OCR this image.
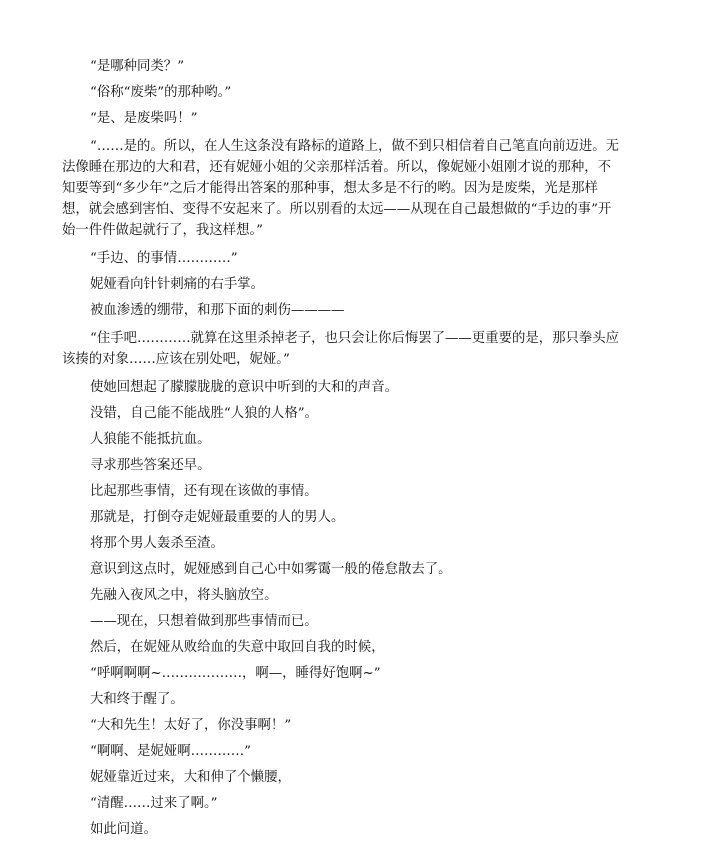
“是哪种同类？”

“俗称“废柴”的那种哟。”

“是、是废柴吗！”

“……是的。所以，在人生这条没有路标的道路上，做不到只相信着自己笔直向前迈进。无法像睡在那边的大和君，还有妮娅小姐的父亲那样活着。所以，像妮娅小姐刚才说的那种，不知要等到“多少年”之后才能得出答案的那种事，想太多是不行的哟。因为是废柴，光是那样想，就会感到害怕、变得不安起来了。所以别看的太远——从现在自己最想做的“手边的事”开始一件件做起就行了，我这样想。”

“手边、的事情…………”

妮娅看向针针刺痛的右手掌。

被血渗透的绷带，和那下面的刺伤————

“住手吧…………就算在这里杀掉老子，也只会让你后悔罢了——更重要的是，那只拳头应该揍的对象……应该在别处吧，妮娅。”

使她回想起了朦朦胧胧的意识中听到的大和的声音。

没错，自己能不能战胜“人狼的人格”。

人狼能不能抵抗血。

寻求那些答案还早。

比起那些事情，还有现在该做的事情。

那就是，打倒夺走妮娅最重要的人的男人。

将那个男人轰杀至渣。

意识到这点时，妮娅感到自己心中如雾霭一般的倦怠散去了。

先融入夜风之中，将头脑放空。

——现在，只想着做到那些事情而已。

然后，在妮娅从败给血的失意中取回自我的时候，

“呼啊啊啊~………………，啊—，睡得好饱啊~”

大和终于醒了。

“大和先生！太好了，你没事啊！”

“啊啊、是妮娅啊…………”

妮娅靠近过来，大和伸了个懒腰，

“清醒……过来了啊。”

如此问道。
